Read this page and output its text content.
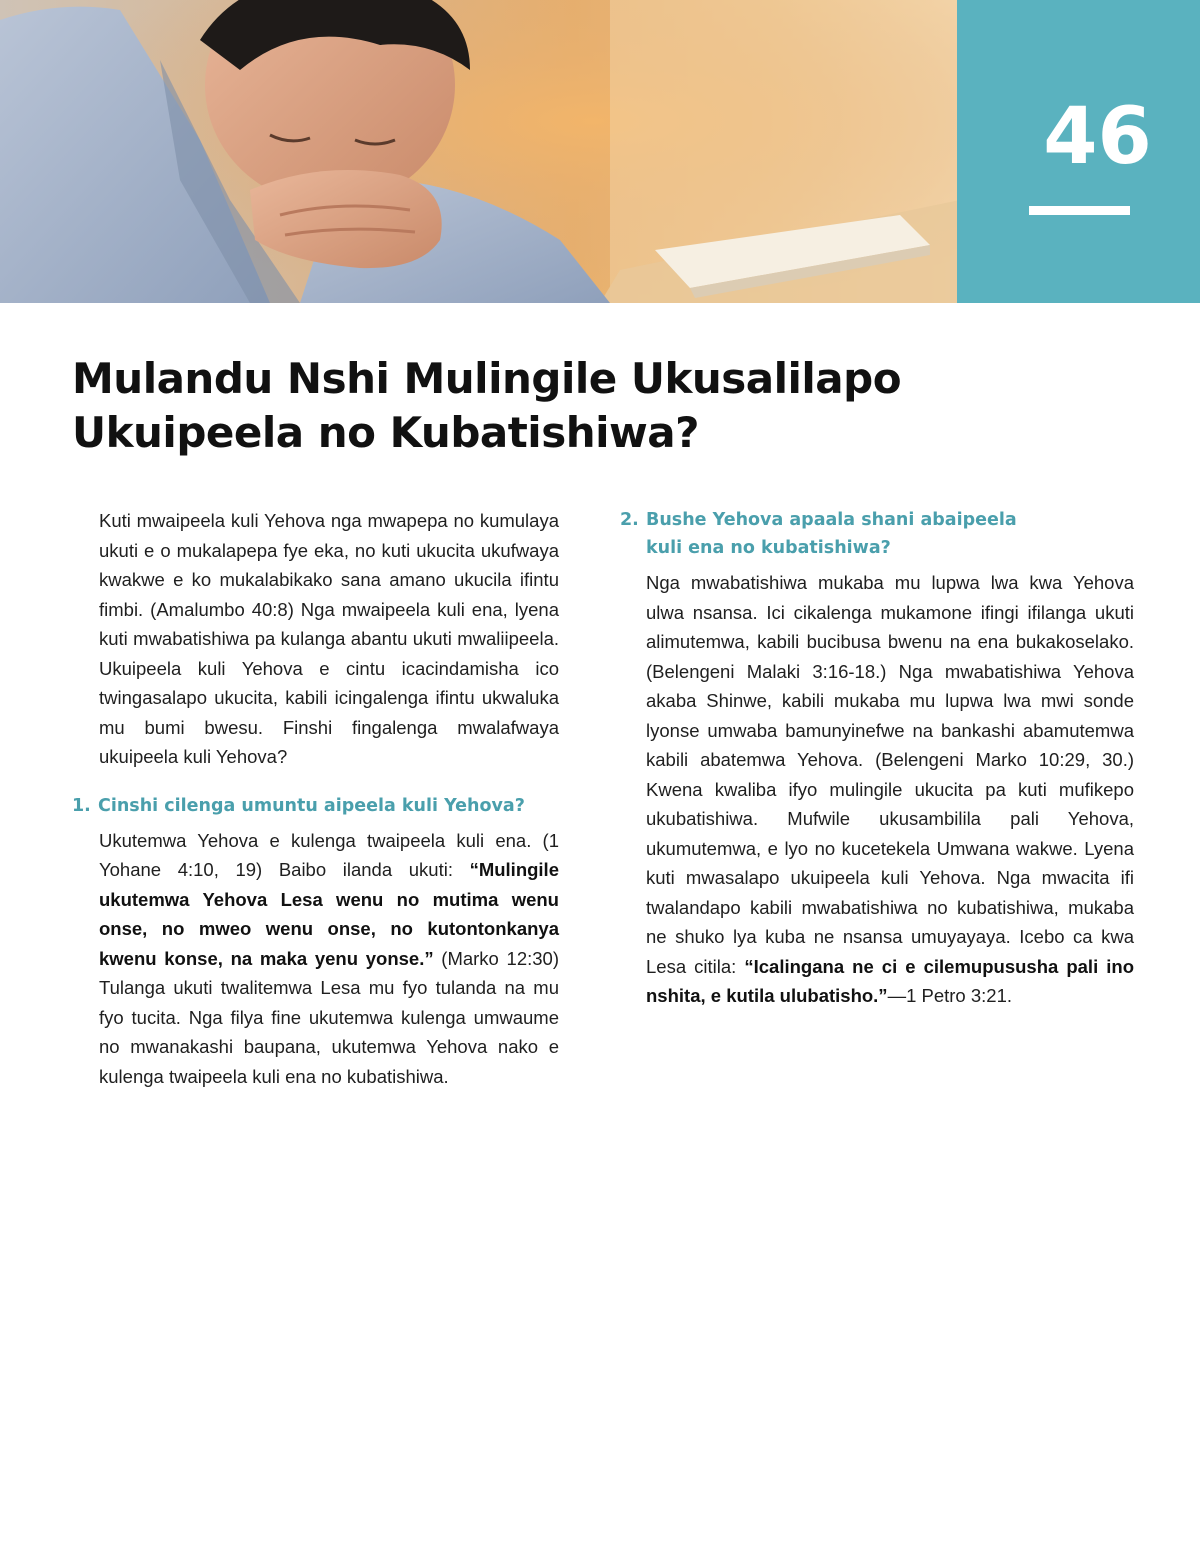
46
Mulandu Nshi Mulingile Ukusalilapo
Ukuipeela no Kubatishiwa?

Kuti mwaipeela kuli Yehova nga mwapepa no kumulaya ukuti e o mukalapepa fye eka, no kuti ukucita ukufwaya kwakwe e ko mukalabikako sana amano ukucila ifintu fimbi. (Amalumbo 40:8) Nga mwaipeela kuli ena, lyena kuti mwabatishiwa pa kulanga abantu ukuti mwaliipeela. Ukuipeela kuli Yehova e cintu icacindamisha ico twingasalapo ukucita, kabili icingalenga ifintu ukwaluka mu bumi bwesu. Finshi fingalenga mwalafwaya ukuipeela kuli Yehova?

1. Cinshi cilenga umuntu aipeela kuli Yehova?

Ukutemwa Yehova e kulenga twaipeela kuli ena. (1 Yohane 4:10, 19) Baibo ilanda ukuti: “Mulingile ukutemwa Yehova Lesa wenu no mutima wenu onse, no mweo wenu onse, no kutontonkanya kwenu konse, na maka yenu yonse.” (Marko 12:30) Tulanga ukuti twalitemwa Lesa mu fyo tulanda na mu fyo tucita. Nga filya fine ukutemwa kulenga umwaume no mwanakashi baupana, ukutemwa Yehova nako e kulenga twaipeela kuli ena no kubatishiwa.

2. Bushe Yehova apaala shani abaipeela
kuli ena no kubatishiwa?

Nga mwabatishiwa mukaba mu lupwa lwa kwa Yehova ulwa nsansa. Ici cikalenga mukamone ifingi ifilanga ukuti alimutemwa, kabili bucibusa bwenu na ena bukakoselako. (Belengeni Malaki 3:16-18.) Nga mwabatishiwa Yehova akaba Shinwe, kabili mukaba mu lupwa lwa mwi sonde lyonse umwaba bamunyinefwe na bankashi abamutemwa kabili abatemwa Yehova. (Belengeni Marko 10:29, 30.) Kwena kwaliba ifyo mulingile ukucita pa kuti mufikepo ukubatishiwa. Mufwile ukusambilila pali Yehova, ukumutemwa, e lyo no kucetekela Umwana wakwe. Lyena kuti mwasalapo ukuipeela kuli Yehova. Nga mwacita ifi twalandapo kabili mwabatishiwa no kubatishiwa, mukaba ne shuko lya kuba ne nsansa umuyayaya. Icebo ca kwa Lesa citila: “Icalingana ne ci e cilemupususha pali ino nshita, e kutila ulubatisho.”—1 Petro 3:21.
